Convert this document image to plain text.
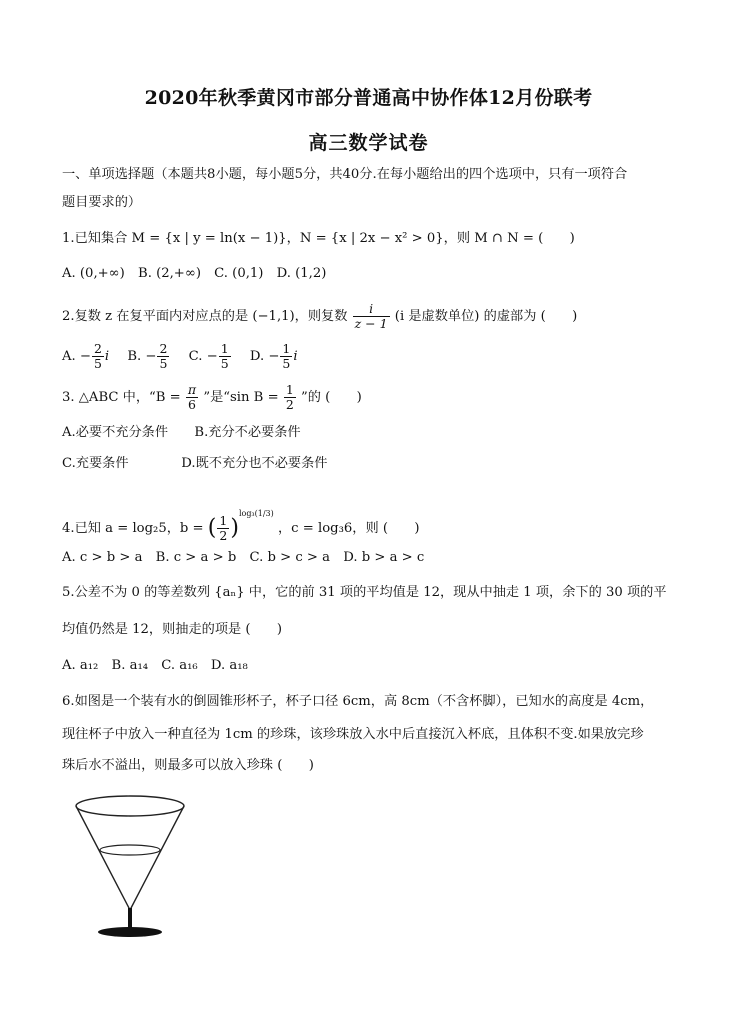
2020年秋季黄冈市部分普通高中协作体12月份联考
高三数学试卷
一、单项选择题（本题共8小题，每小题5分，共40分.在每小题给出的四个选项中，只有一项符合
题目要求的）
1.已知集合 M = {x | y = ln(x − 1)}，N = {x | 2x − x² > 0}，则 M ∩ N = (　　)
A. (0,+∞)　B. (2,+∞)　C. (0,1)　D. (1,2)
2.复数 z 在复平面内对应点的是 (−1,1)，则复数 $\frac{i}{z - 1} (i$ 是虚数单位) 的虚部为 (　　)
A. − $\frac{2}{5}$ i B. − $\frac{2}{5} C$. − $\frac{1}{5} D$. − $\frac{1}{5}$ i
3. △ABC 中，“$B = \frac{\pi}{6}$ ”是“sin $B = \frac{1}{2}$ ”的 (　　)
A.必要不充分条件　　B.充分不必要条件
C.充要条件　　　　D.既不充分也不必要条件
4.已知 a = log₂5，b = ( $\frac{1}{2} )^{log_3(1/3)}$ ，c = log₃6，则 (　　)
A. c > b > a　B. c > a > b　C. b > c > a　D. b > a > c
5.公差不为 0 的等差数列 {aₙ} 中，它的前 31 项的平均值是 12，现从中抽走 1 项，余下的 30 项的平
均值仍然是 12，则抽走的项是 (　　)
A. a₁₂　B. a₁₄　C. a₁₆　D. a₁₈
6.如图是一个装有水的倒圆锥形杯子，杯子口径 6cm，高 8cm（不含杯脚），已知水的高度是 4cm，
现往杯子中放入一种直径为 1cm 的珍珠，该珍珠放入水中后直接沉入杯底，且体积不变.如果放完珍
珠后水不溢出，则最多可以放入珍珠 (　　)
